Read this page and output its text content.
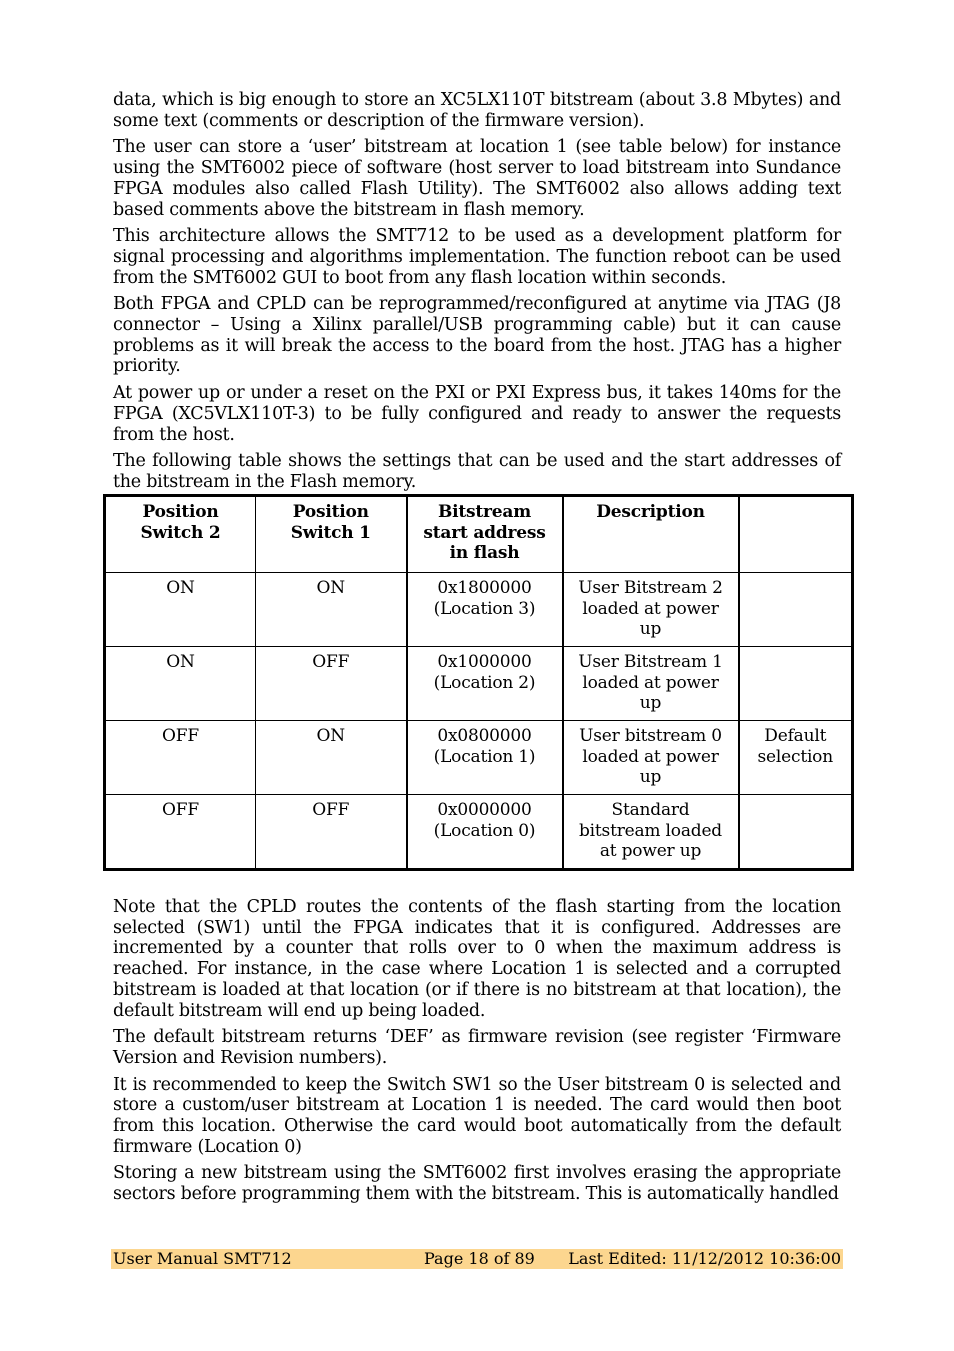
data, which is big enough to store an XC5LX110T bitstream (about 3.8 Mbytes) and some text (comments or description of the firmware version).

The user can store a ‘user’ bitstream at location 1 (see table below) for instance using the SMT6002 piece of software (host server to load bitstream into Sundance FPGA modules also called Flash Utility). The SMT6002 also allows adding text based comments above the bitstream in flash memory.

This architecture allows the SMT712 to be used as a development platform for signal processing and algorithms implementation. The function reboot can be used from the SMT6002 GUI to boot from any flash location within seconds.

Both FPGA and CPLD can be reprogrammed/reconfigured at anytime via JTAG (J8 connector – Using a Xilinx parallel/USB programming cable) but it can cause problems as it will break the access to the board from the host. JTAG has a higher priority.

At power up or under a reset on the PXI or PXI Express bus, it takes 140ms for the FPGA (XC5VLX110T-3) to be fully configured and ready to answer the requests from the host.

The following table shows the settings that can be used and the start addresses of the bitstream in the Flash memory.

Position Switch 2	Position Switch 1	Bitstream start address in flash	Description	
ON	ON	0x1800000 (Location 3)	User Bitstream 2 loaded at power up	
ON	OFF	0x1000000 (Location 2)	User Bitstream 1 loaded at power up	
OFF	ON	0x0800000 (Location 1)	User bitstream 0 loaded at power up	Default selection
OFF	OFF	0x0000000 (Location 0)	Standard bitstream loaded at power up	

Note that the CPLD routes the contents of the flash starting from the location selected (SW1) until the FPGA indicates that it is configured. Addresses are incremented by a counter that rolls over to 0 when the maximum address is reached. For instance, in the case where Location 1 is selected and a corrupted bitstream is loaded at that location (or if there is no bitstream at that location), the default bitstream will end up being loaded.

The default bitstream returns ‘DEF’ as firmware revision (see register ‘Firmware Version and Revision numbers).

It is recommended to keep the Switch SW1 so the User bitstream 0 is selected and store a custom/user bitstream at Location 1 is needed. The card would then boot from this location. Otherwise the card would boot automatically from the default firmware (Location 0)

Storing a new bitstream using the SMT6002 first involves erasing the appropriate sectors before programming them with the bitstream. This is automatically handled

User Manual SMT712	Page 18 of 89 Last Edited: 11/12/2012 10:36:00
